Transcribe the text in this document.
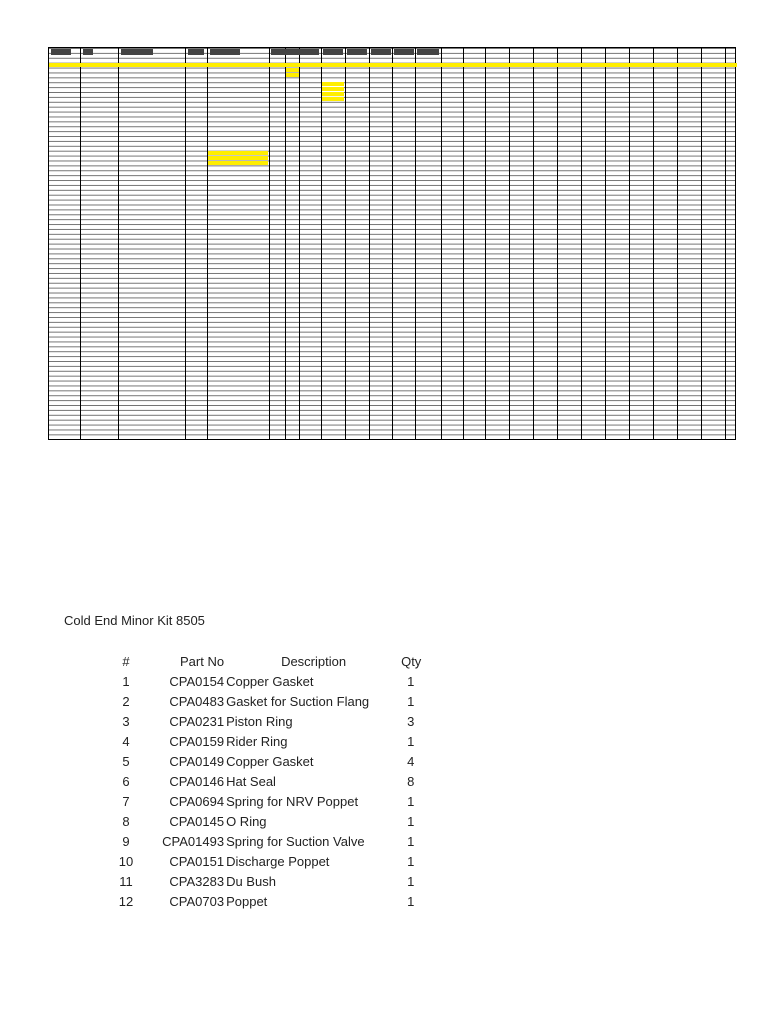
Cold End Minor Kit 8505
#	Part No	Description	Qty
1	CPA0154	Copper Gasket	1
2	CPA0483	Gasket for Suction Flang	1
3	CPA0231	Piston Ring	3
4	CPA0159	Rider Ring	1
5	CPA0149	Copper Gasket	4
6	CPA0146	Hat Seal	8
7	CPA0694	Spring for NRV Poppet	1
8	CPA0145	O Ring	1
9	CPA01493	Spring for Suction Valve	1
10	CPA0151	Discharge Poppet	1
11	CPA3283	Du Bush	1
12	CPA0703	Poppet	1
